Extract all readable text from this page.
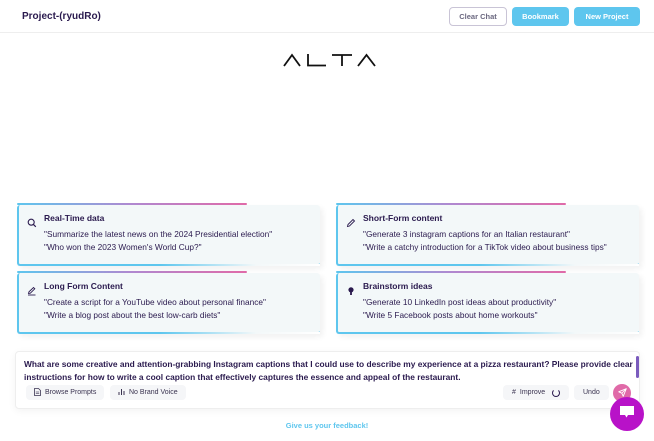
Project-(ryudRo)	Clear Chat	Bookmark	New Project
Real-Time data
"Summarize the latest news on the 2024 Presidential election"
"Who won the 2023 Women's World Cup?"
Short-Form content
"Generate 3 instagram captions for an Italian restaurant"
"Write a catchy introduction for a TikTok video about business tips"
Long Form Content
"Create a script for a YouTube video about personal finance"
"Write a blog post about the best low-carb diets"
Brainstorm ideas
"Generate 10 LinkedIn post ideas about productivity"
"Write 5 Facebook posts about home workouts"
What are some creative and attention-grabbing Instagram captions that I could use to describe my experience at a pizza restaurant? Please provide clear instructions for how to write a cool caption that effectively captures the essence and appeal of the restaurant.
Browse Prompts	No Brand Voice	# Improve	Undo
Give us your feedback!
